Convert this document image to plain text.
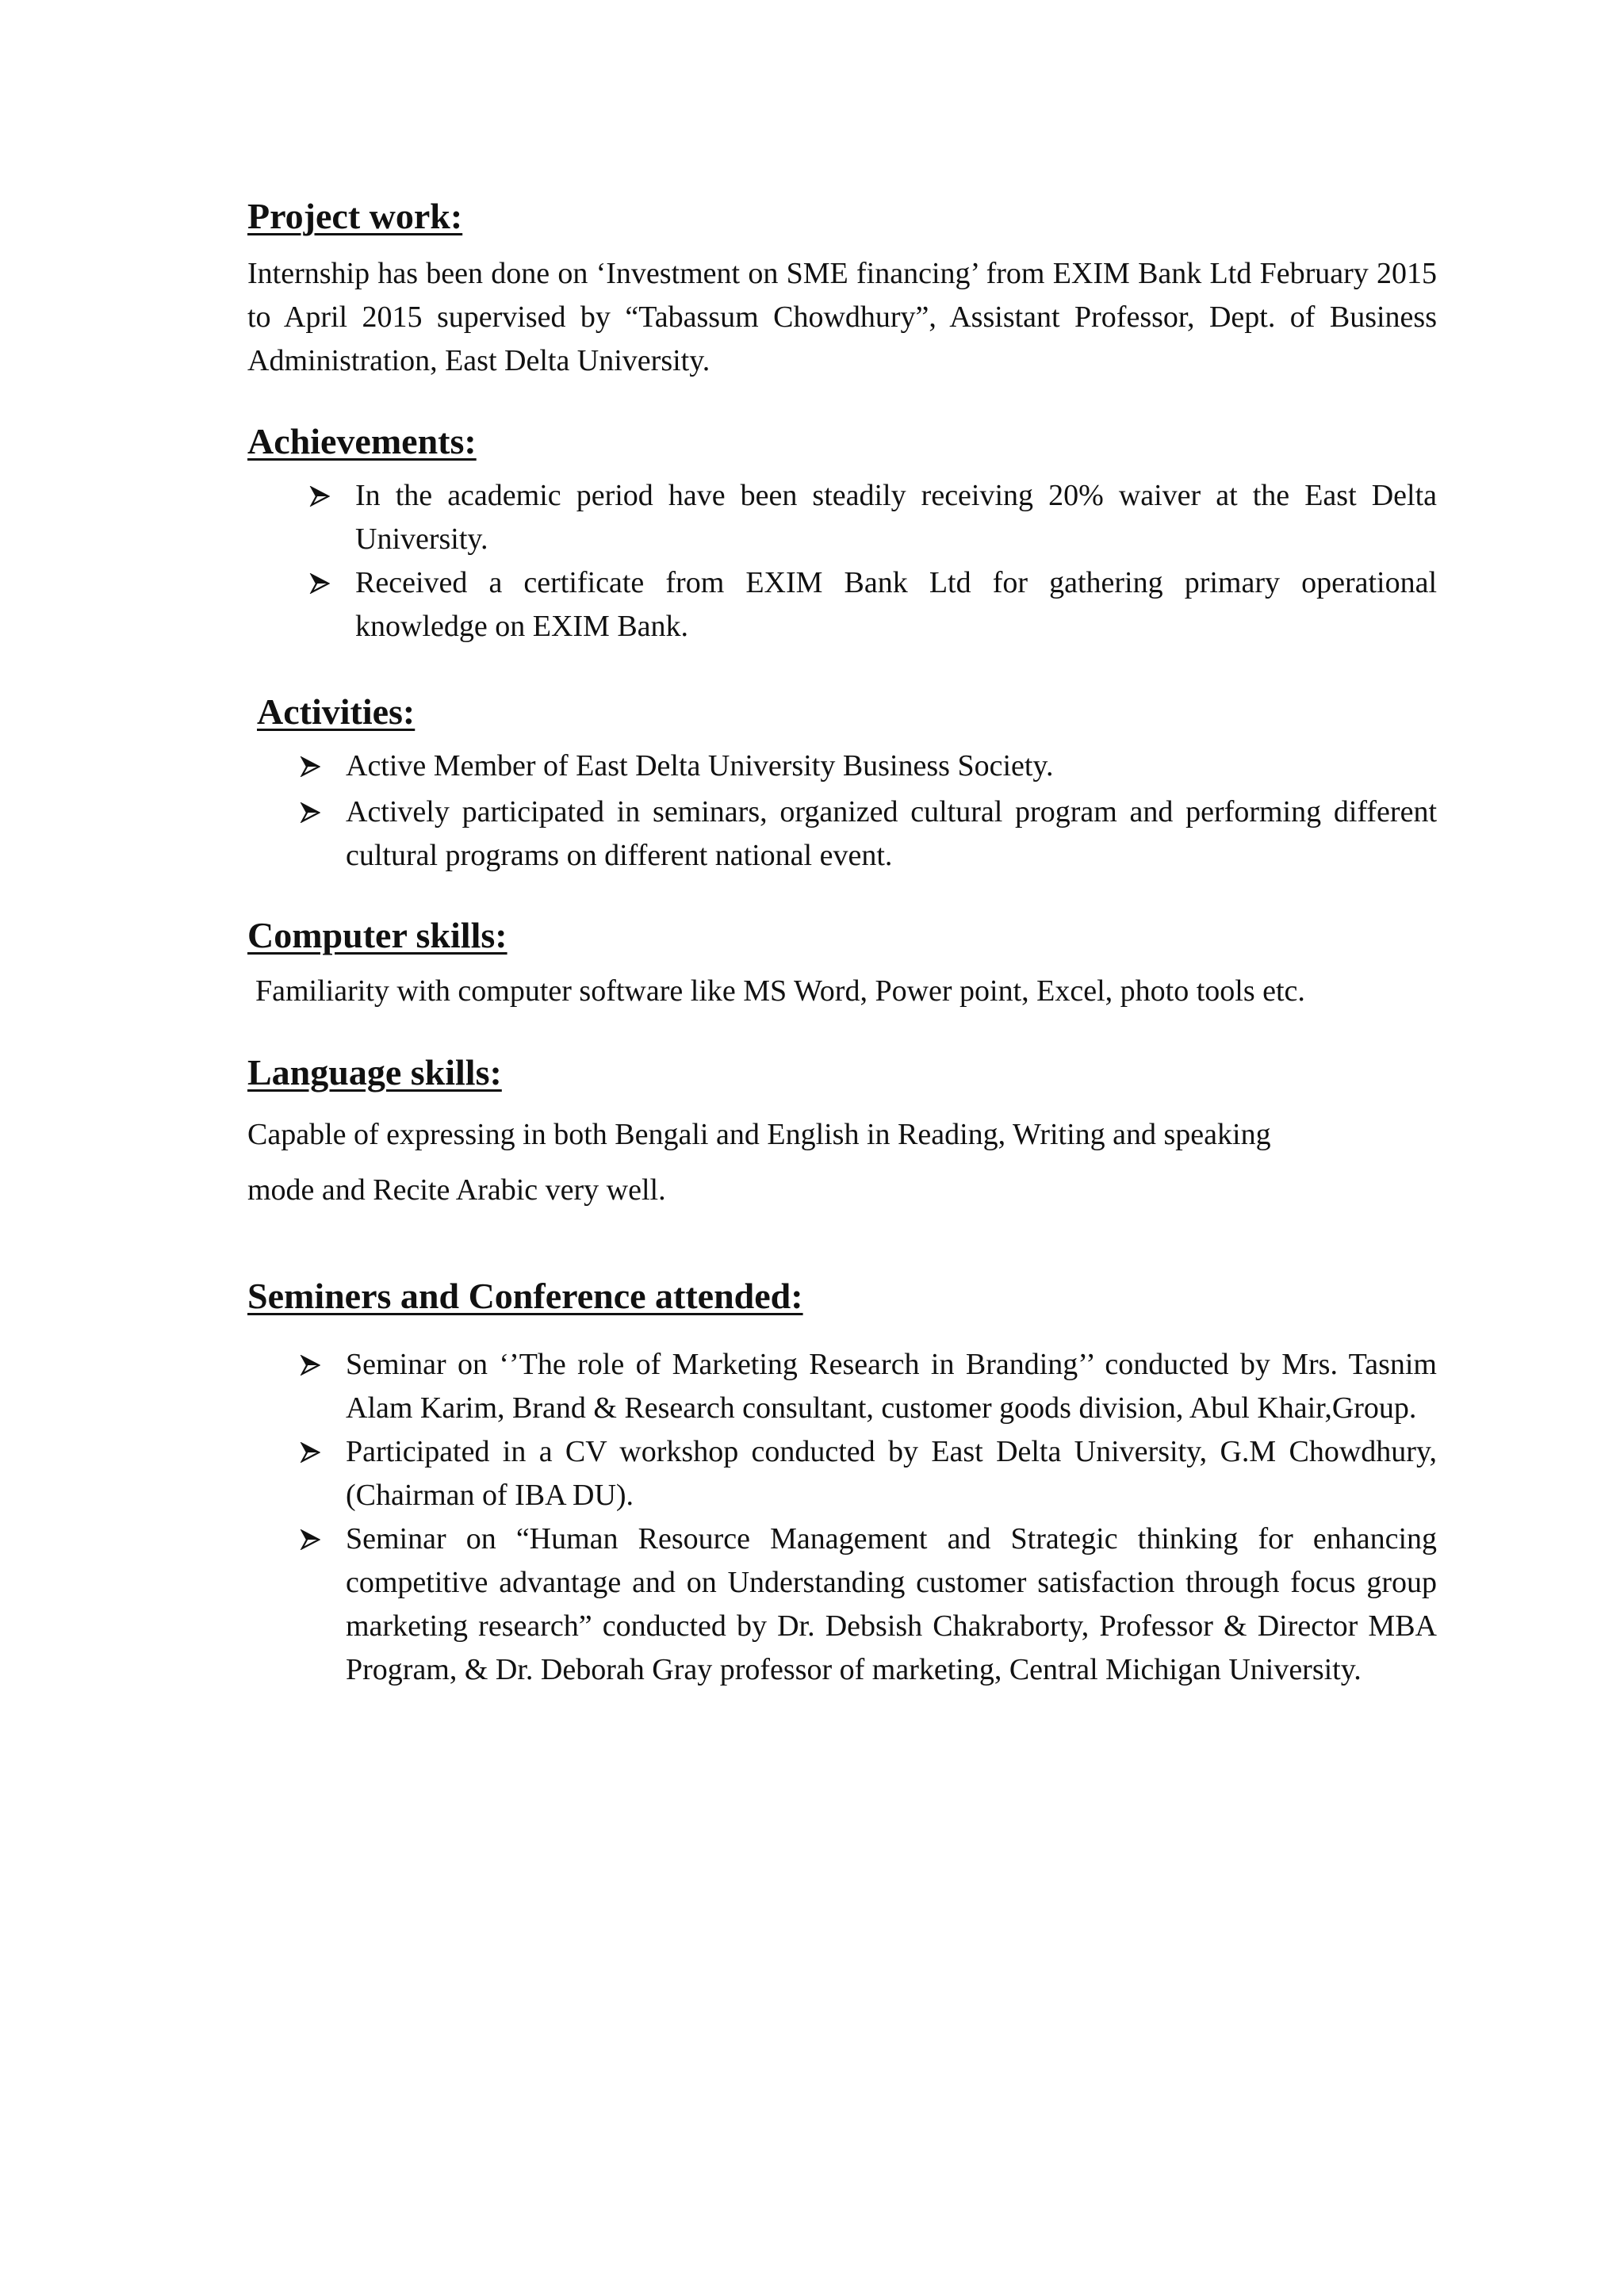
Project work:

Internship has been done on ‘Investment on SME financing’ from EXIM Bank Ltd February 2015 to April 2015 supervised by “Tabassum Chowdhury”, Assistant Professor, Dept. of Business Administration, East Delta University.

Achievements:
In the academic period have been steadily receiving 20% waiver at the East Delta University.
Received a certificate from EXIM Bank Ltd for gathering primary operational knowledge on EXIM Bank.
Activities:
Active Member of East Delta University Business Society.
Actively participated in seminars, organized cultural program and performing different cultural programs on different national event.
Computer skills:

Familiarity with computer software like MS Word, Power point, Excel, photo tools etc.

Language skills:

Capable of expressing in both Bengali and English in Reading, Writing and speaking
mode and Recite Arabic very well.

Seminers and Conference attended:
Seminar on ‘’The role of Marketing Research in Branding’’ conducted by Mrs. Tasnim Alam Karim, Brand & Research consultant, customer goods division, Abul Khair,Group.
Participated in a CV workshop conducted by East Delta University, G.M Chowdhury, (Chairman of IBA DU).
Seminar on “Human Resource Management and Strategic thinking for enhancing competitive advantage and on Understanding customer satisfaction through focus group marketing research” conducted by Dr. Debsish Chakraborty, Professor & Director MBA Program, & Dr. Deborah Gray professor of marketing, Central Michigan University.
